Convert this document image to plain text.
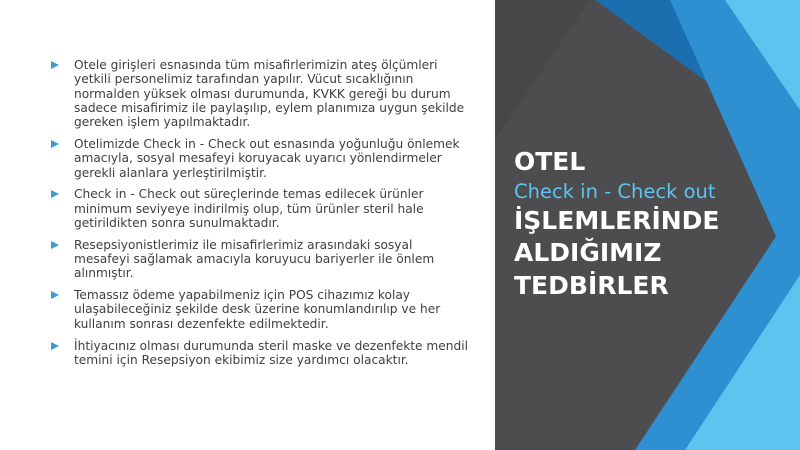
Otele girişleri esnasında tüm misafirlerimizin ateş ölçümleri yetkili personelimiz tarafından yapılır. Vücut sıcaklığının normalden yüksek olması durumunda, KVKK gereği bu durum sadece misafirimiz ile paylaşılıp, eylem planımıza uygun şekilde gereken işlem yapılmaktadır.
Otelimizde Check in - Check out esnasında yoğunluğu önlemek amacıyla, sosyal mesafeyi koruyacak uyarıcı yönlendirmeler gerekli alanlara yerleştirilmiştir.
Check in - Check out süreçlerinde temas edilecek ürünler minimum seviyeye indirilmiş olup, tüm ürünler steril hale getirildikten sonra sunulmaktadır.
Resepsiyonistlerimiz ile misafirlerimiz arasındaki sosyal mesafeyi sağlamak amacıyla koruyucu bariyerler ile önlem alınmıştır.
Temassız ödeme yapabilmeniz için POS cihazımız kolay ulaşabileceğiniz şekilde desk üzerine konumlandırılıp ve her kullanım sonrası dezenfekte edilmektedir.
İhtiyacınız olması durumunda steril maske ve dezenfekte mendil temini için Resepsiyon ekibimiz size yardımcı olacaktır.
OTEL
Check in - Check out
İŞLEMLERİNDE
ALDIĞIMIZ
TEDBİRLER
